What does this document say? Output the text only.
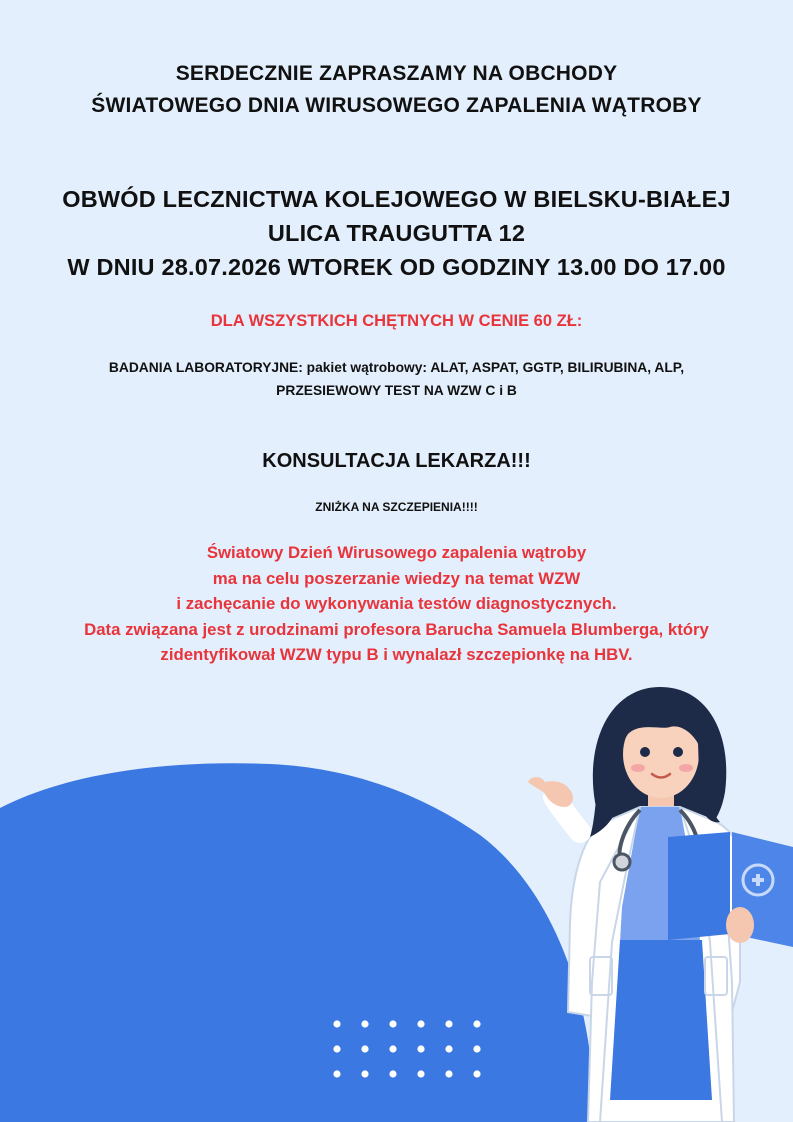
SERDECZNIE ZAPRASZAMY NA OBCHODY
ŚWIATOWEGO DNIA WIRUSOWEGO ZAPALENIA WĄTROBY
OBWÓD LECZNICTWA KOLEJOWEGO W BIELSKU-BIAŁEJ
ULICA TRAUGUTTA 12
W DNIU 28.07.2026 WTOREK OD GODZINY 13.00 DO 17.00
DLA WSZYSTKICH CHĘTNYCH W CENIE 60 ZŁ:
BADANIA LABORATORYJNE: pakiet wątrobowy: ALAT, ASPAT, GGTP, BILIRUBINA, ALP,
PRZESIEWOWY TEST NA WZW C i B
KONSULTACJA LEKARZA!!!
ZNIŻKA NA SZCZEPIENIA!!!!
Światowy Dzień Wirusowego zapalenia wątroby
ma na celu poszerzanie wiedzy na temat WZW
i zachęcanie do wykonywania testów diagnostycznych.
Data związana jest z urodzinami profesora Barucha Samuela Blumberga, który
zidentyfikował WZW typu B i wynalazł szczepionkę na HBV.
